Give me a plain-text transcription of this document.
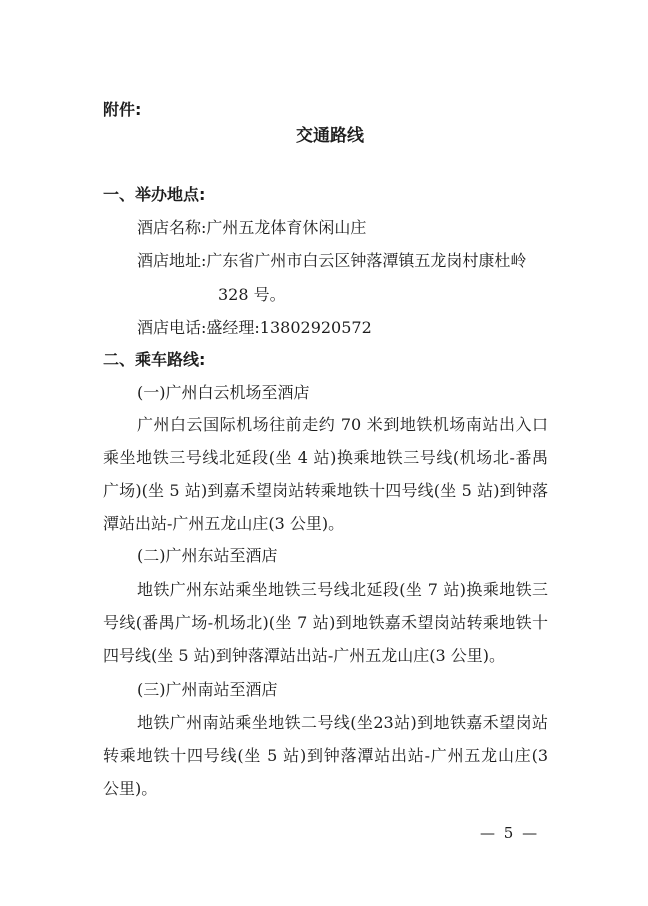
附件:
交通路线
一、举办地点:
酒店名称:广州五龙体育休闲山庄
酒店地址:广东省广州市白云区钟落潭镇五龙岗村康杜岭
328 号。
酒店电话:盛经理:13802920572
二、乘车路线:
(一)广州白云机场至酒店
广州白云国际机场往前走约 70 米到地铁机场南站出入口
乘坐地铁三号线北延段(坐 4 站)换乘地铁三号线(机场北-番禺
广场)(坐 5 站)到嘉禾望岗站转乘地铁十四号线(坐 5 站)到钟落
潭站出站-广州五龙山庄(3 公里)。
(二)广州东站至酒店
地铁广州东站乘坐地铁三号线北延段(坐 7 站)换乘地铁三
号线(番禺广场-机场北)(坐 7 站)到地铁嘉禾望岗站转乘地铁十
四号线(坐 5 站)到钟落潭站出站-广州五龙山庄(3 公里)。
(三)广州南站至酒店
地铁广州南站乘坐地铁二号线(坐23站)到地铁嘉禾望岗站
转乘地铁十四号线(坐 5 站)到钟落潭站出站-广州五龙山庄(3
公里)。
— 5 —
